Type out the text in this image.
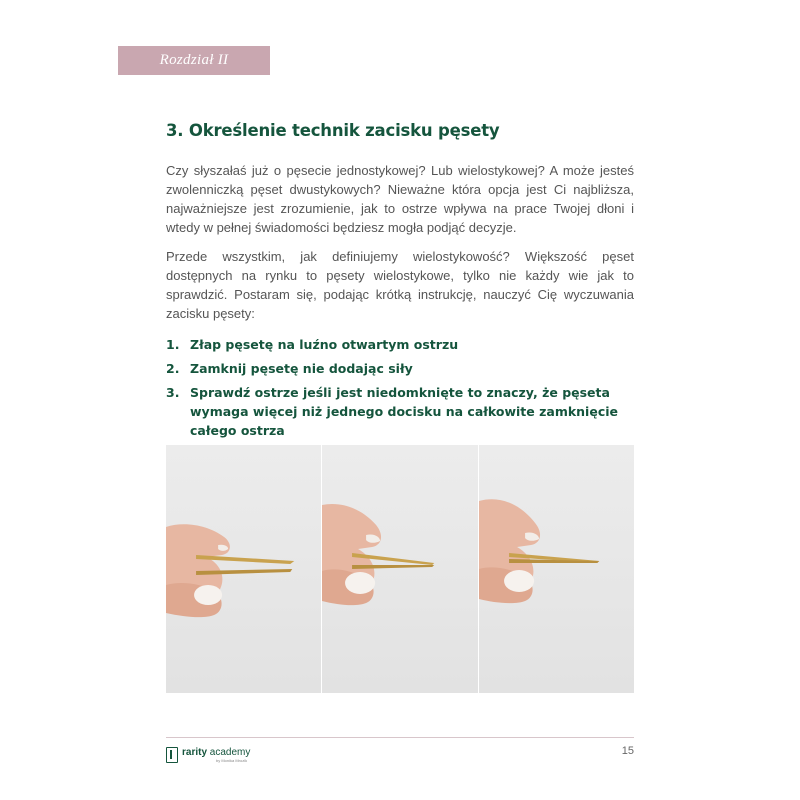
Rozdział II
3. Określenie technik zacisku pęsety

Czy słyszałaś już o pęsecie jednostykowej? Lub wielostykowej? A może jesteś zwolenniczką pęset dwustykowych? Nieważne która opcja jest Ci najbliższa, najważniejsze jest zrozumienie, jak to ostrze wpływa na prace Twojej dłoni i wtedy w pełnej świadomości będziesz mogła podjąć decyzje.

Przede wszystkim, jak definiujemy wielostykowość? Większość pęset dostępnych na rynku to pęsety wielostykowe, tylko nie każdy wie jak to sprawdzić. Postaram się, podając krótką instrukcję, nauczyć Cię wyczuwania zacisku pęsety:

1. Złap pęsetę na luźno otwartym ostrzu
2. Zamknij pęsetę nie dodając siły
3. Sprawdź ostrze jeśli jest niedomknięte to znaczy, że pęseta wymaga więcej niż jednego docisku na całkowite zamknięcie całego ostrza
rarity academy
by Monika Mrozik
15
